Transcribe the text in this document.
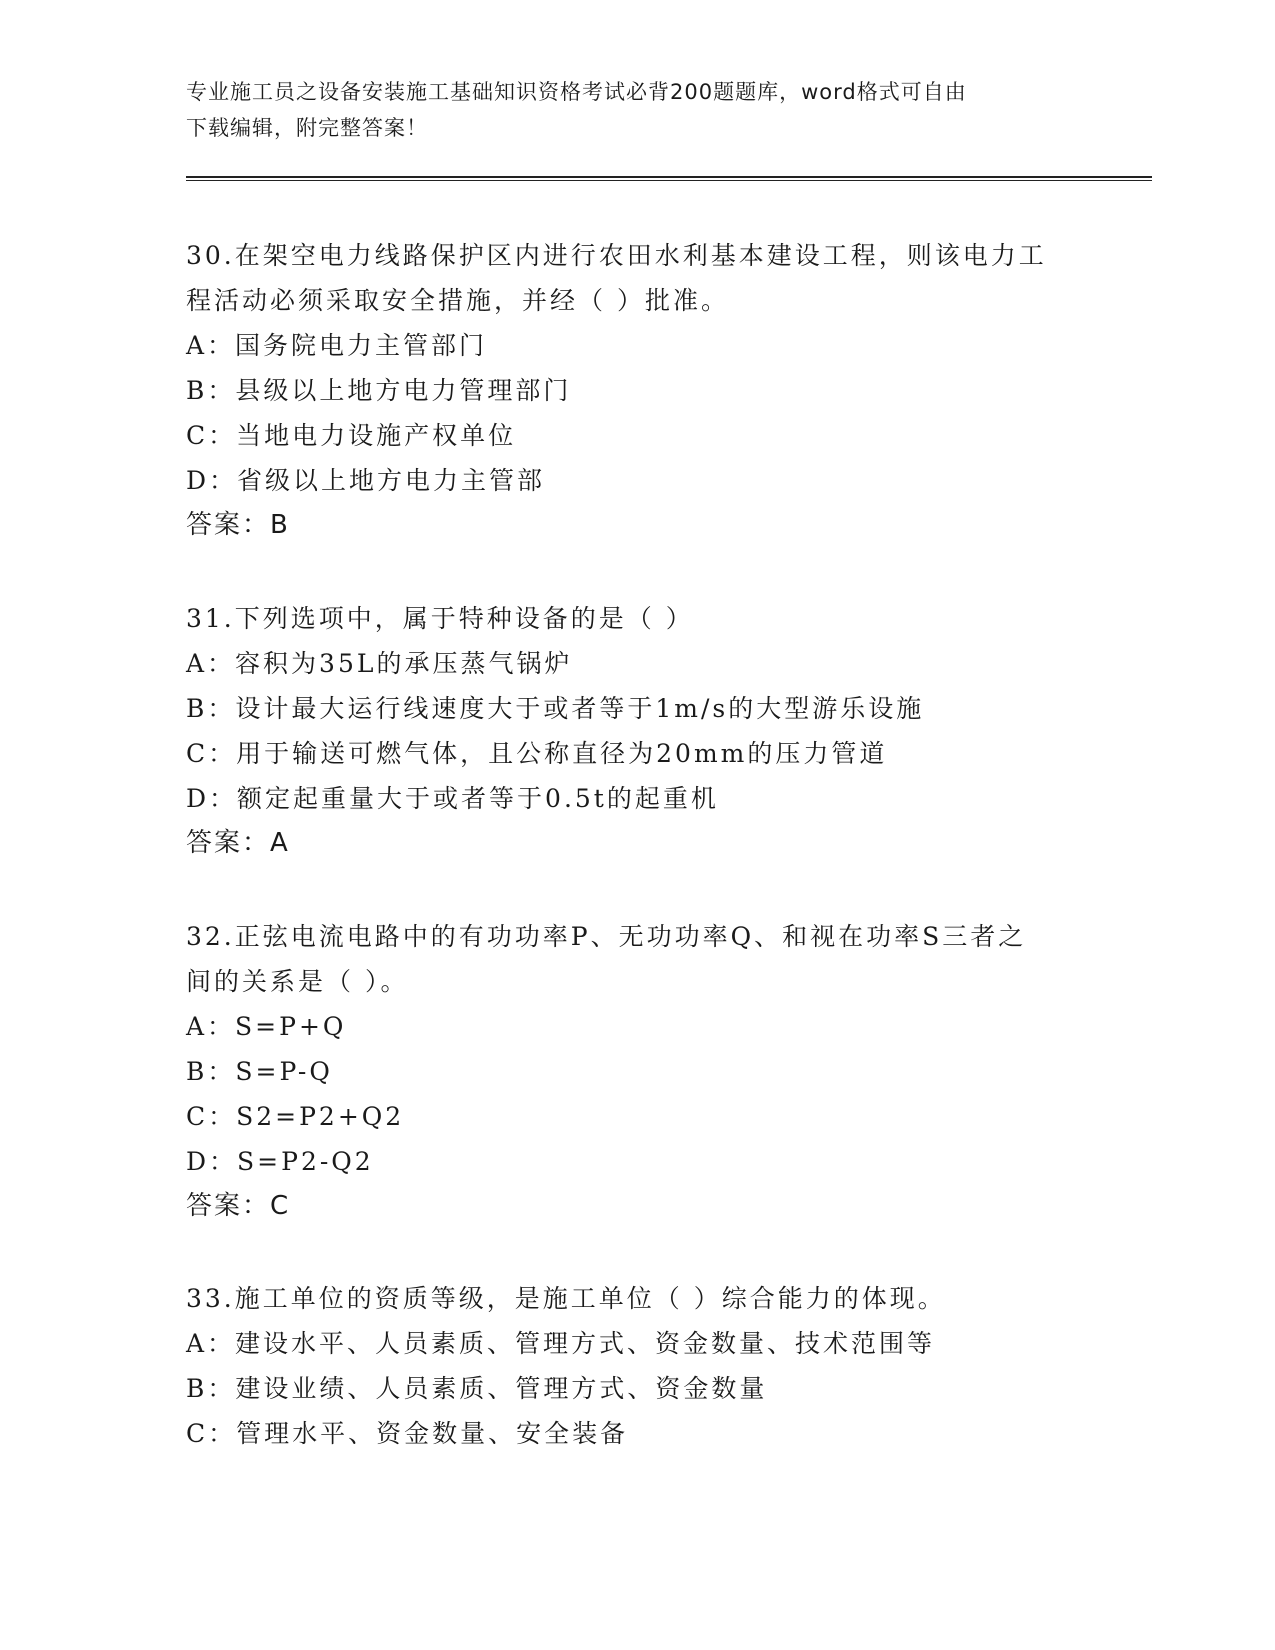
专业施工员之设备安装施工基础知识资格考试必背200题题库，word格式可自由
下载编辑，附完整答案！
30.在架空电力线路保护区内进行农田水利基本建设工程，则该电力工
程活动必须采取安全措施，并经（ ）批准。
A：国务院电力主管部门
B：县级以上地方电力管理部门
C：当地电力设施产权单位
D：省级以上地方电力主管部
答案：B
31.下列选项中，属于特种设备的是（ ）
A：容积为35L的承压蒸气锅炉
B：设计最大运行线速度大于或者等于1m/s的大型游乐设施
C：用于输送可燃气体，且公称直径为20mm的压力管道
D：额定起重量大于或者等于0.5t的起重机
答案：A
32.正弦电流电路中的有功功率P、无功功率Q、和视在功率S三者之
间的关系是（ ）。
A：S=P+Q
B：S=P-Q
C：S2=P2+Q2
D：S=P2-Q2
答案：C
33.施工单位的资质等级，是施工单位（ ）综合能力的体现。
A：建设水平、人员素质、管理方式、资金数量、技术范围等
B：建设业绩、人员素质、管理方式、资金数量
C：管理水平、资金数量、安全装备
